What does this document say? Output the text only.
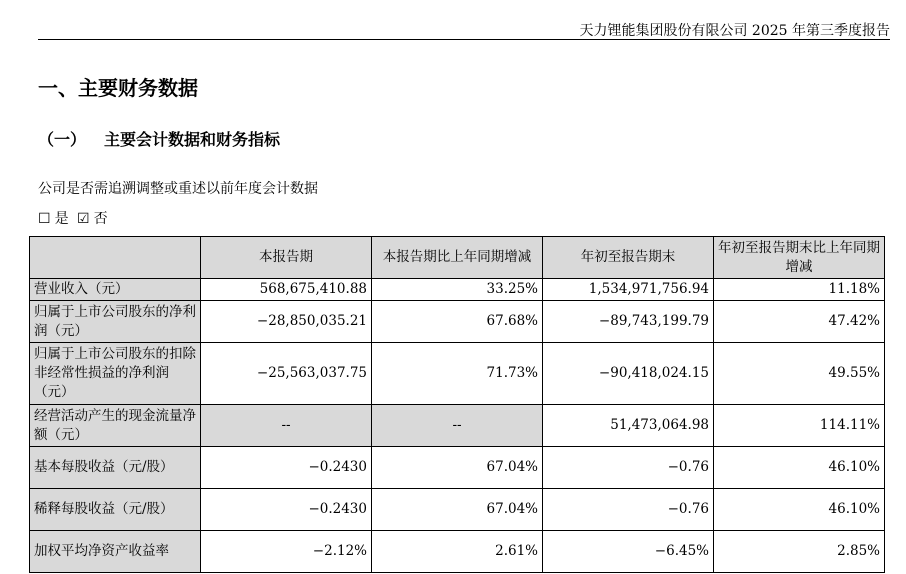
天力锂能集团股份有限公司 2025 年第三季度报告
一、主要财务数据
（一） 主要会计数据和财务指标
公司是否需追溯调整或重述以前年度会计数据
☐ 是 ☑ 否
	本报告期	本报告期比上年同期增减	年初至报告期末	年初至报告期末比上年同期增减
营业收入（元）	568,675,410.88	33.25%	1,534,971,756.94	11.18%
归属于上市公司股东的净利润（元）	−28,850,035.21	67.68%	−89,743,199.79	47.42%
归属于上市公司股东的扣除非经常性损益的净利润（元）	−25,563,037.75	71.73%	−90,418,024.15	49.55%
经营活动产生的现金流量净额（元）	--	--	51,473,064.98	114.11%
基本每股收益（元/股）	−0.2430	67.04%	−0.76	46.10%
稀释每股收益（元/股）	−0.2430	67.04%	−0.76	46.10%
加权平均净资产收益率	−2.12%	2.61%	−6.45%	2.85%
